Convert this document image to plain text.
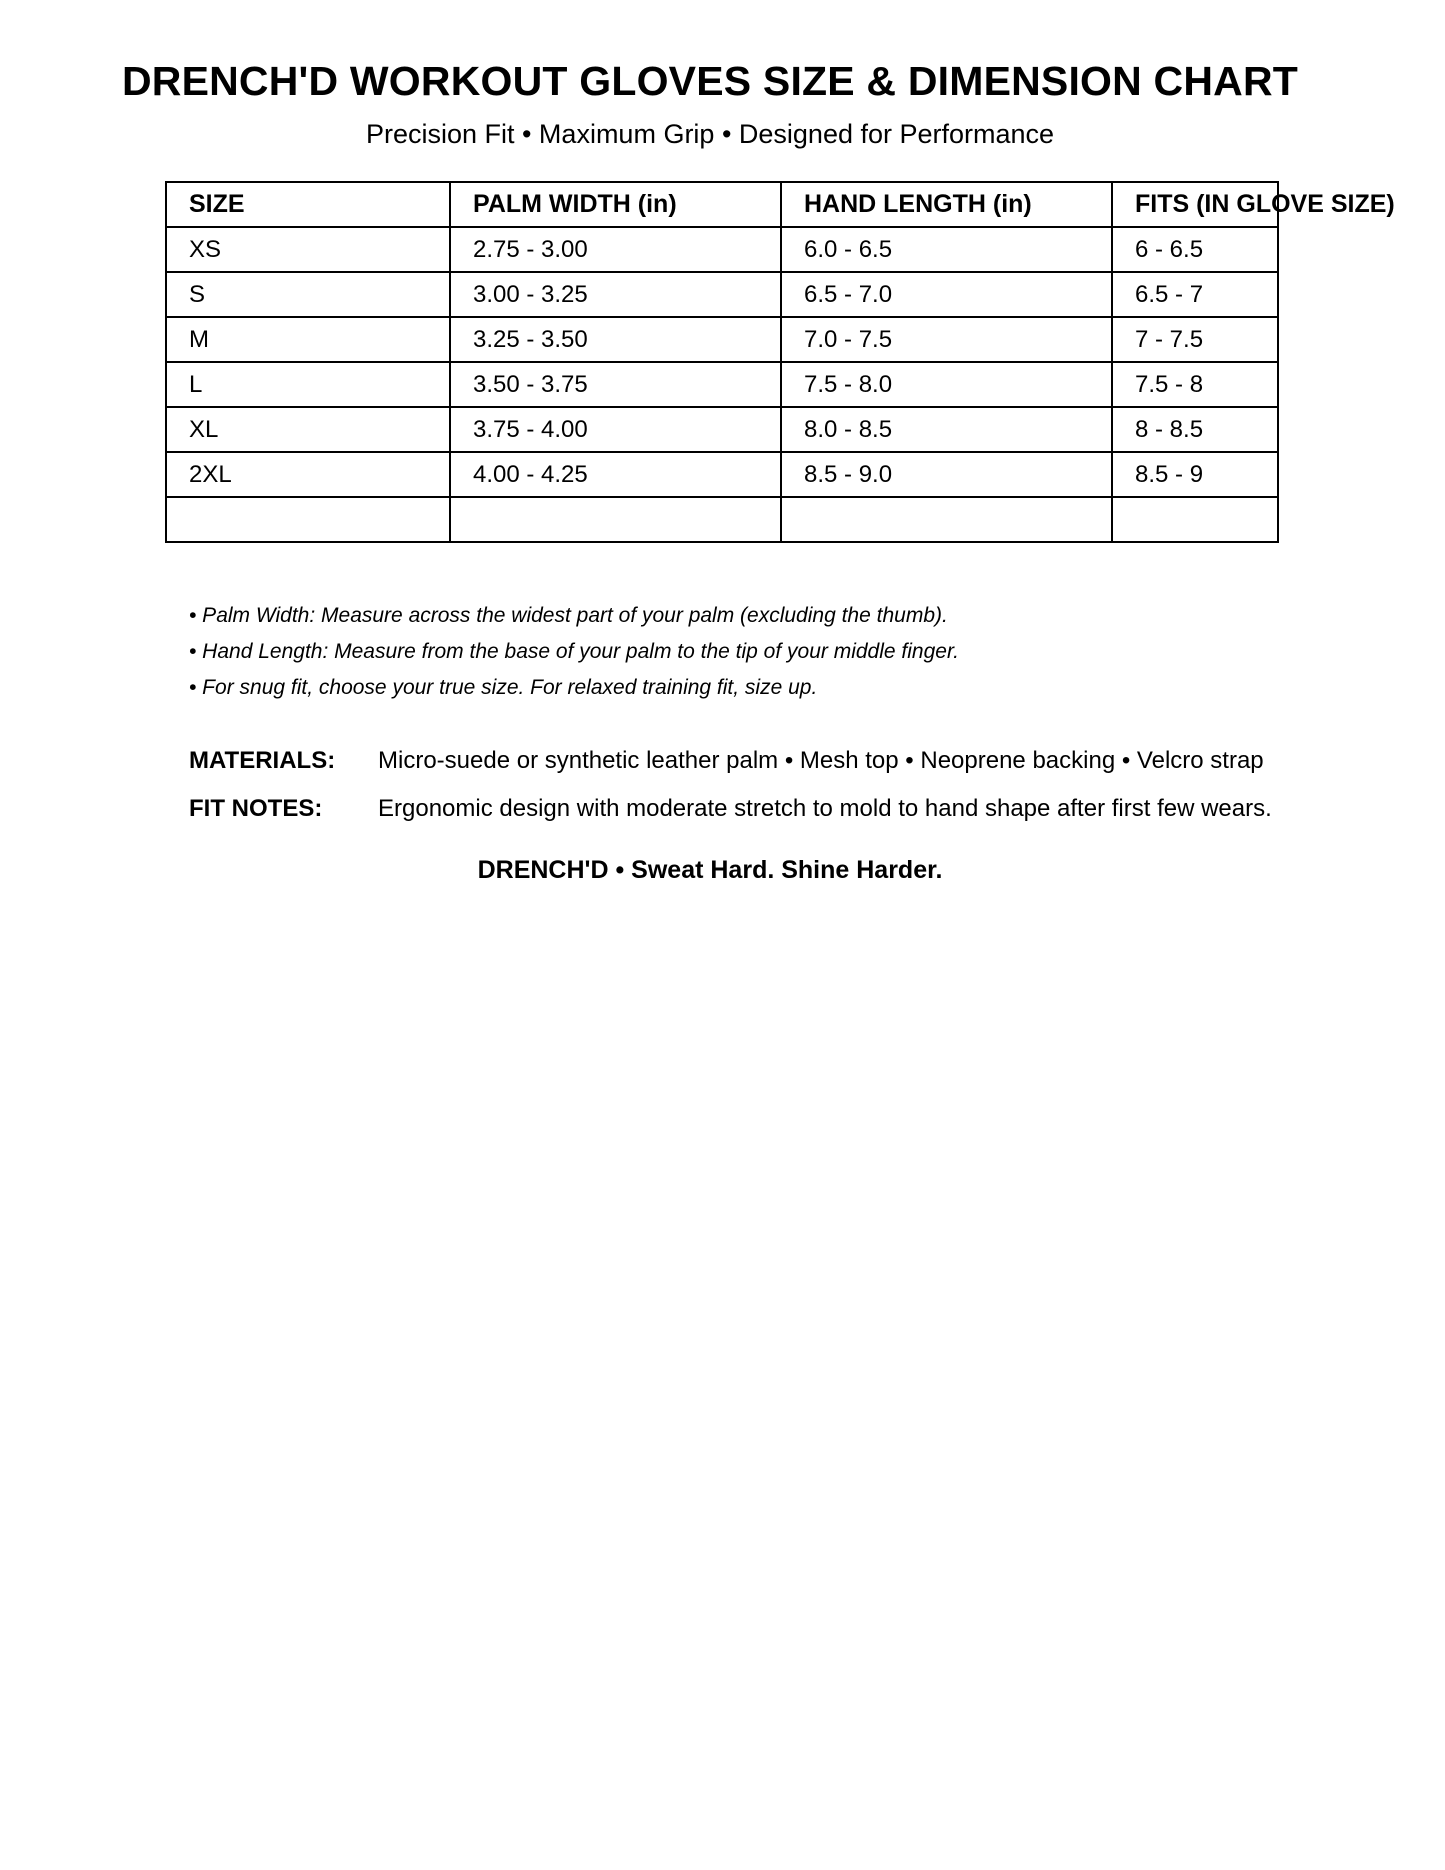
DRENCH'D WORKOUT GLOVES SIZE & DIMENSION CHART
Precision Fit • Maximum Grip • Designed for Performance
SIZE	PALM WIDTH (in)	HAND LENGTH (in)	FITS (IN GLOVE SIZE)
XS	2.75 - 3.00	6.0 - 6.5	6 - 6.5
S	3.00 - 3.25	6.5 - 7.0	6.5 - 7
M	3.25 - 3.50	7.0 - 7.5	7 - 7.5
L	3.50 - 3.75	7.5 - 8.0	7.5 - 8
XL	3.75 - 4.00	8.0 - 8.5	8 - 8.5
2XL	4.00 - 4.25	8.5 - 9.0	8.5 - 9

• Palm Width: Measure across the widest part of your palm (excluding the thumb).
• Hand Length: Measure from the base of your palm to the tip of your middle finger.
• For snug fit, choose your true size. For relaxed training fit, size up.
MATERIALS:	Micro-suede or synthetic leather palm • Mesh top • Neoprene backing • Velcro strap
FIT NOTES:	Ergonomic design with moderate stretch to mold to hand shape after first few wears.
DRENCH'D • Sweat Hard. Shine Harder.
